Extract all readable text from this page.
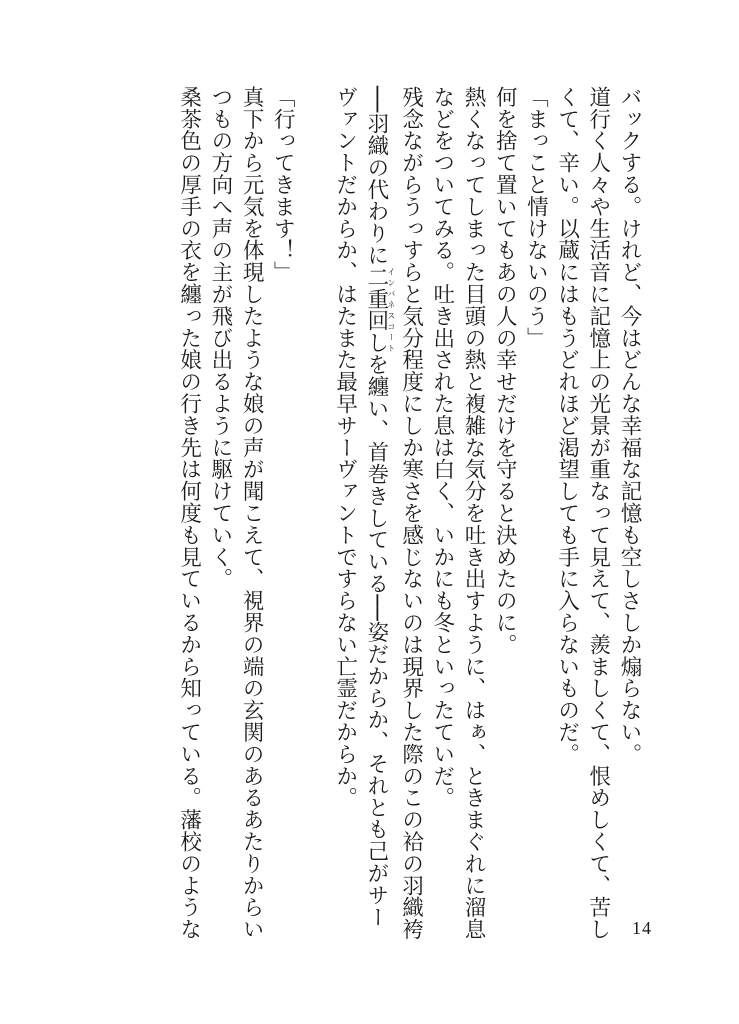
バックする。けれど、今はどんな幸福な記憶も空しさしか煽らない。
道行く人々や生活音に記憶上の光景が重なって見えて、羨ましくて、恨めしくて、苦し
くて、辛い。以蔵にはもうどれほど渇望しても手に入らないものだ。
「まっこと情けないのう」
何を捨て置いてもあの人の幸せだけを守ると決めたのに。
熱くなってしまった目頭の熱と複雑な気分を吐き出すように、はぁ、ときまぐれに溜息
などをついてみる。吐き出された息は白く、いかにも冬といったていだ。
残念ながらうっすらと気分程度にしか寒さを感じないのは現界した際のこの袷の羽織袴
──羽織の代わりに二重回しインバネスコートを纏い、首巻きしている──姿だからか、それとも己がサー
ヴァントだからか、はたまた最早サーヴァントですらない亡霊だからか。
「行ってきます！」
真下から元気を体現したような娘の声が聞こえて、視界の端の玄関のあるあたりからい
つもの方向へ声の主が飛び出るように駆けていく。
桑茶色の厚手の衣を纏った娘の行き先は何度も見ているから知っている。藩校のような	14
